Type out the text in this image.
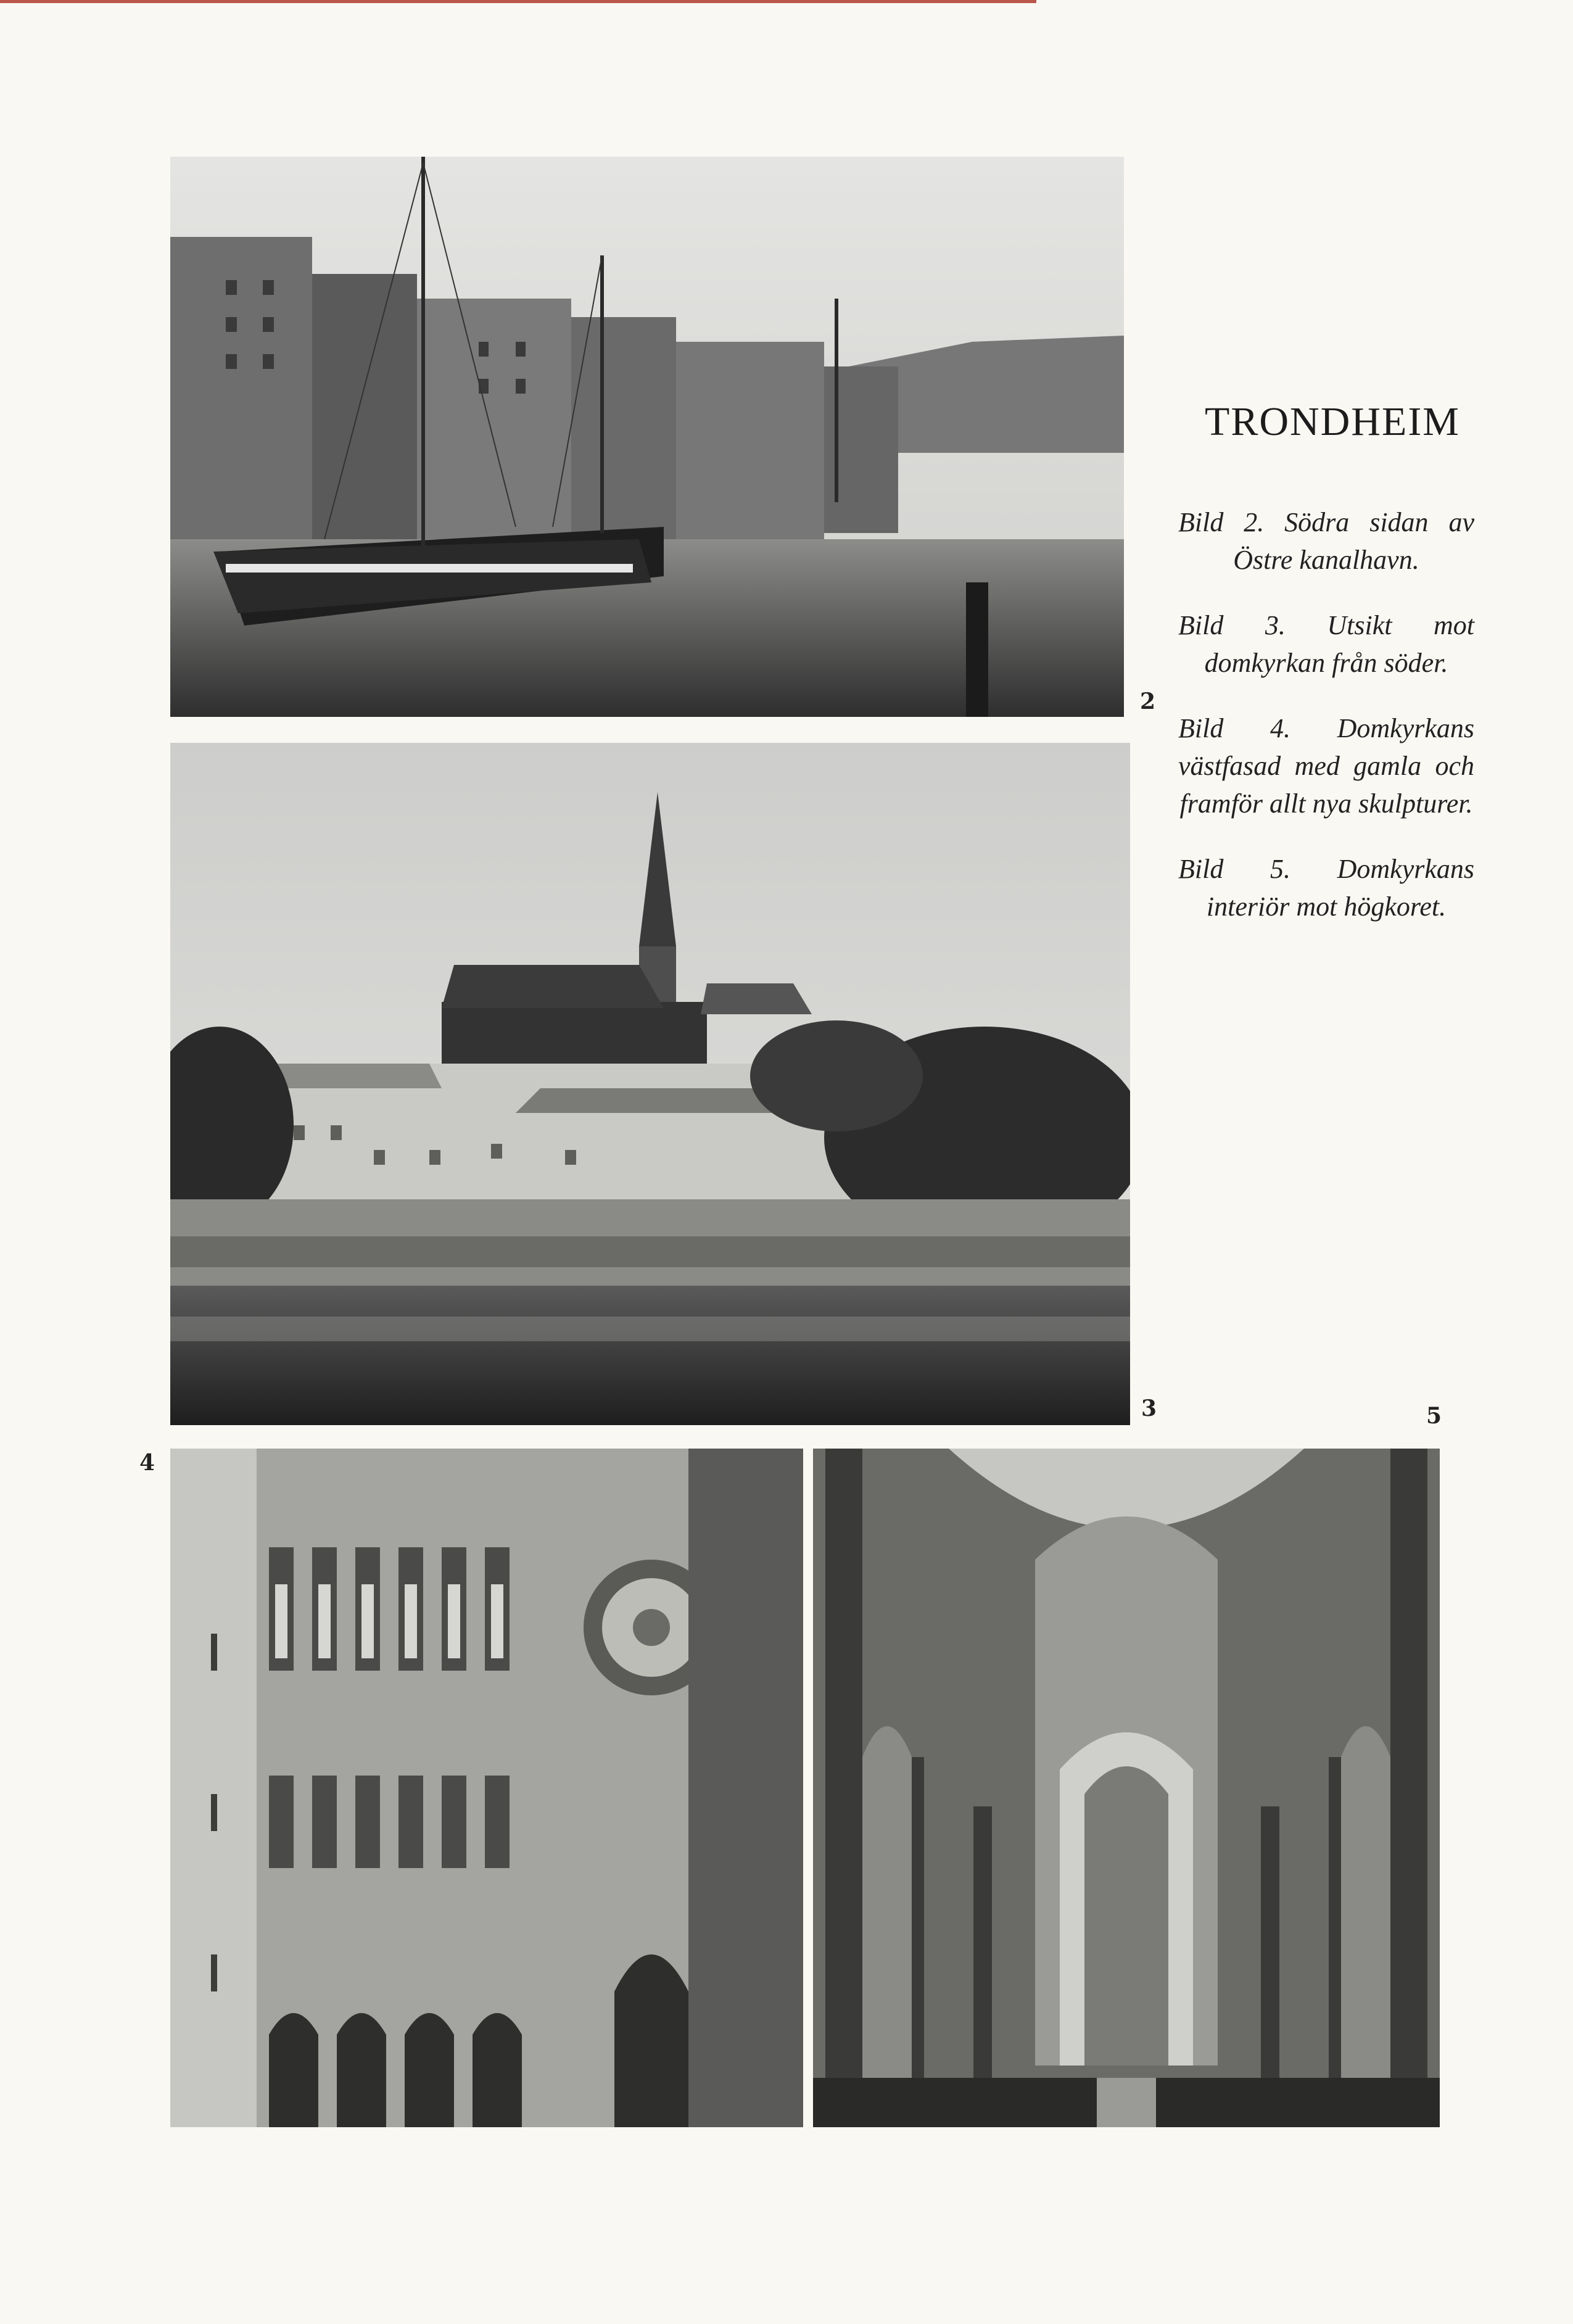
2
3
4
5
TRONDHEIM

Bild 2. Södra sidan av Östre kanalhavn.

Bild 3. Utsikt mot domkyrkan från söder.

Bild 4. Domkyrkans västfasad med gamla och framför allt nya skulpturer.

Bild 5. Domkyrkans interiör mot högkoret.
